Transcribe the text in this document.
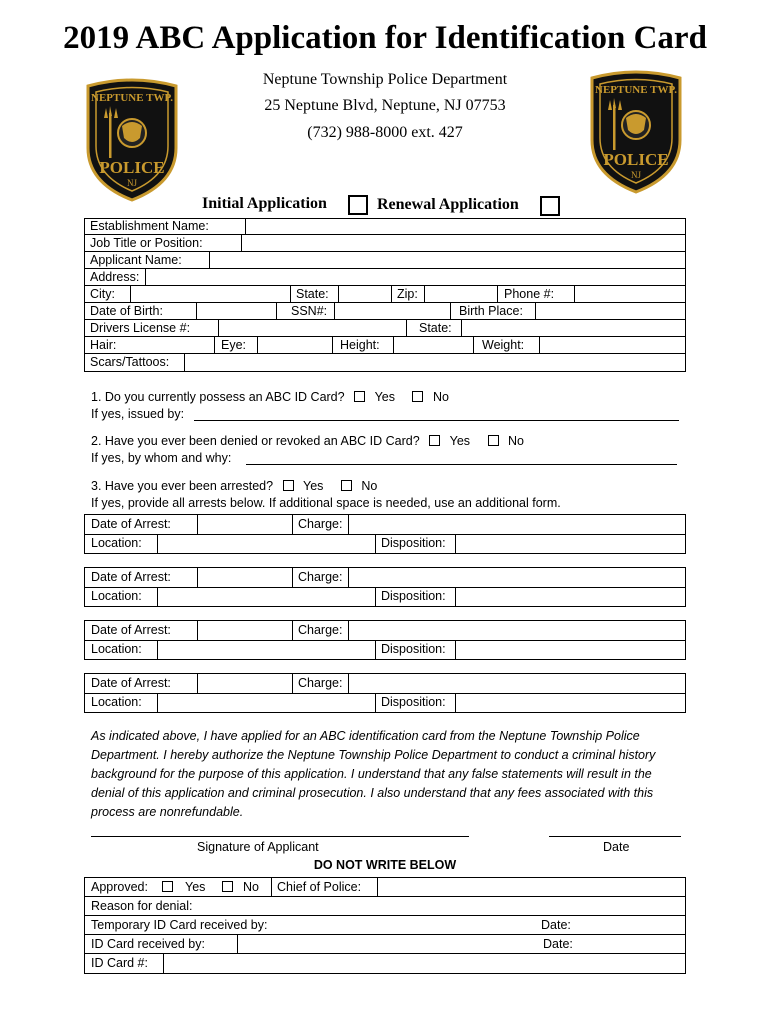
2019 ABC Application for Identification Card
NEPTUNE TWP.
POLICE
NJ
NEPTUNE TWP.
POLICE
NJ
Neptune Township Police Department
25 Neptune Blvd, Neptune, NJ 07753
(732) 988-8000 ext. 427
Initial Application	Renewal Application
Establishment Name:
Job Title or Position:
Applicant Name:
Address:
City:	State:	Zip:	Phone #:
Date of Birth:	SSN#:	Birth Place:
Drivers License #:	State:
Hair:	Eye:	Height:	Weight:
Scars/Tattoos:
1. Do you currently possess an ABC ID Card? Yes	No
If yes, issued by:
2. Have you ever been denied or revoked an ABC ID Card? Yes	No
If yes, by whom and why:
3. Have you ever been arrested? Yes	No
If yes, provide all arrests below. If additional space is needed, use an additional form.
Date of Arrest:	Charge:
Location:	Disposition:
Date of Arrest:	Charge:
Location:	Disposition:
Date of Arrest:	Charge:
Location:	Disposition:
Date of Arrest:	Charge:
Location:	Disposition:
As indicated above, I have applied for an ABC identification card from the Neptune Township Police Department. I hereby authorize the Neptune Township Police Department to conduct a criminal history background for the purpose of this application. I understand that any false statements will result in the denial of this application and criminal prosecution. I also understand that any fees associated with this process are nonrefundable.
Signature of Applicant	Date
DO NOT WRITE BELOW
Approved:	Yes	No Chief of Police:
Reason for denial:
Temporary ID Card received by:	Date:
ID Card received by:	Date:
ID Card #:
